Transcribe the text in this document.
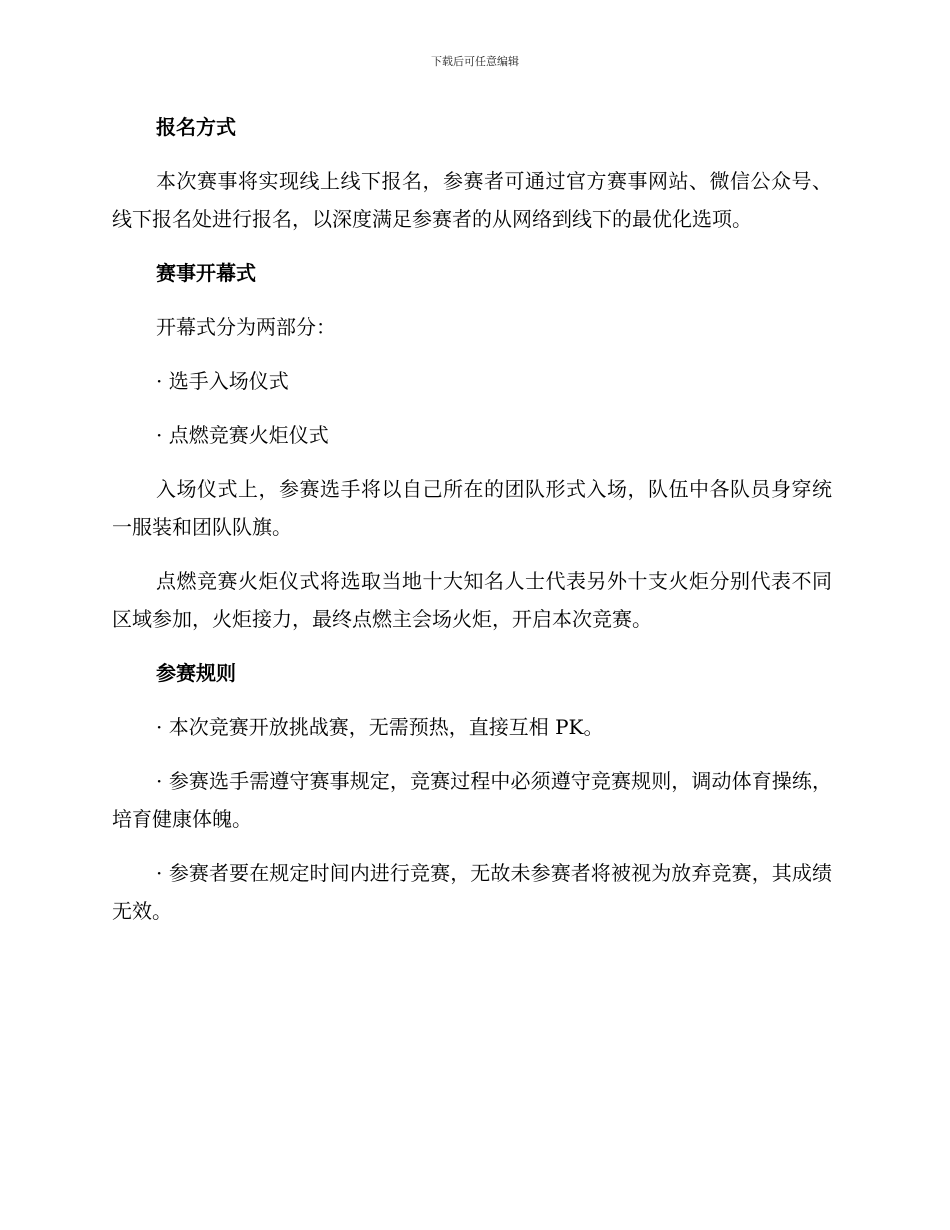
下载后可任意编辑
报名方式
本次赛事将实现线上线下报名，参赛者可通过官方赛事网站、微信公众号、线下报名处进行报名，以深度满足参赛者的从网络到线下的最优化选项。
赛事开幕式
开幕式分为两部分：
· 选手入场仪式
· 点燃竞赛火炬仪式
入场仪式上，参赛选手将以自己所在的团队形式入场，队伍中各队员身穿统一服装和团队队旗。
点燃竞赛火炬仪式将选取当地十大知名人士代表另外十支火炬分别代表不同区域参加，火炬接力，最终点燃主会场火炬，开启本次竞赛。
参赛规则
· 本次竞赛开放挑战赛，无需预热，直接互相 PK。
· 参赛选手需遵守赛事规定，竞赛过程中必须遵守竞赛规则，调动体育操练，培育健康体魄。
· 参赛者要在规定时间内进行竞赛，无故未参赛者将被视为放弃竞赛，其成绩无效。
